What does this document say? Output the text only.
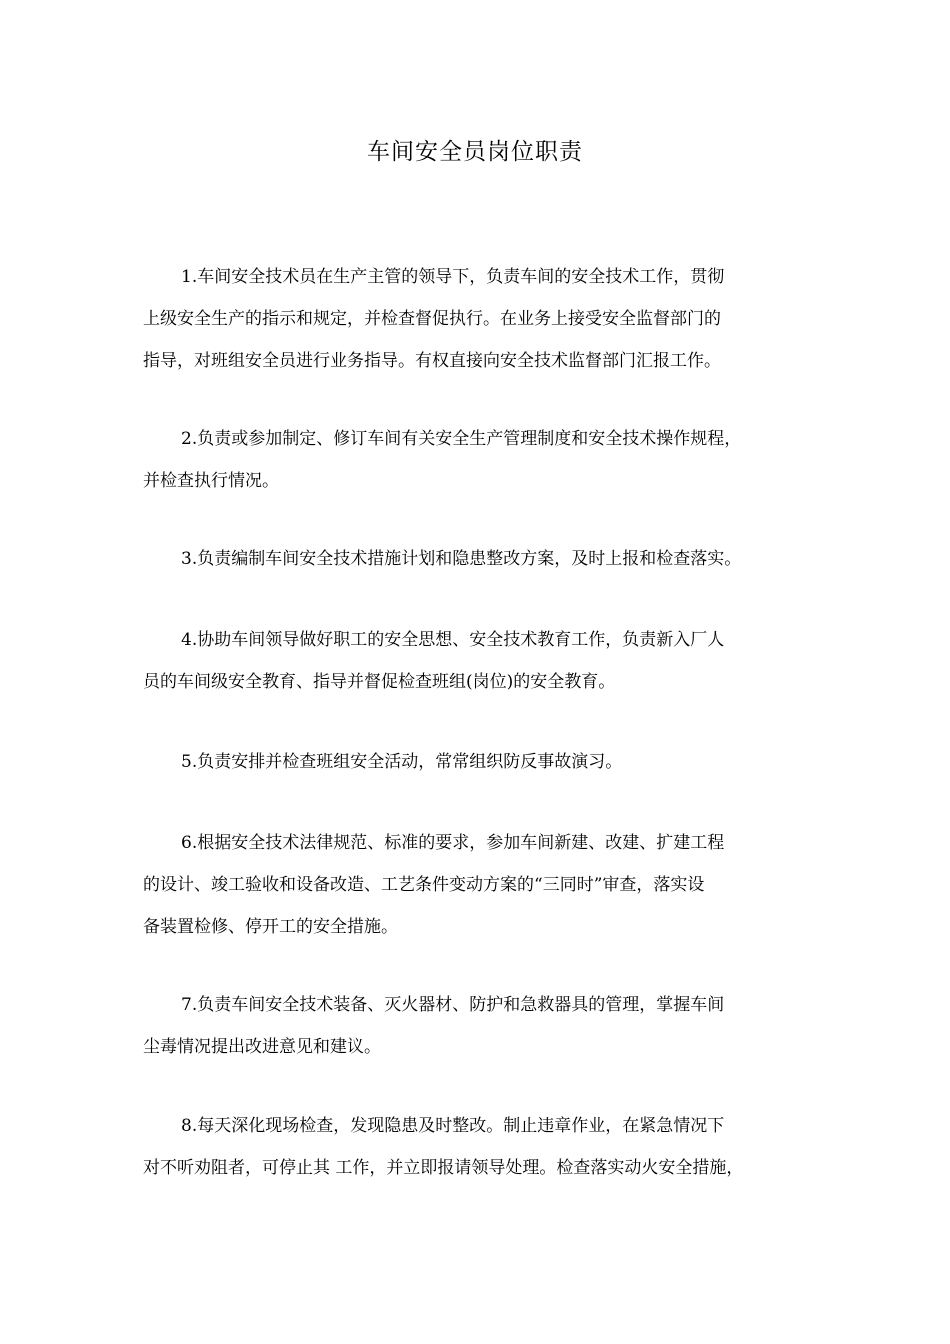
车间安全员岗位职责
1.车间安全技术员在生产主管的领导下，负责车间的安全技术工作，贯彻
上级安全生产的指示和规定，并检查督促执行。在业务上接受安全监督部门的
指导，对班组安全员进行业务指导。有权直接向安全技术监督部门汇报工作。
2.负责或参加制定、修订车间有关安全生产管理制度和安全技术操作规程，
并检查执行情况。
3.负责编制车间安全技术措施计划和隐患整改方案，及时上报和检查落实。
4.协助车间领导做好职工的安全思想、安全技术教育工作，负责新入厂人
员的车间级安全教育、指导并督促检查班组(岗位)的安全教育。
5.负责安排并检查班组安全活动，常常组织防反事故演习。
6.根据安全技术法律规范、标准的要求，参加车间新建、改建、扩建工程
的设计、竣工验收和设备改造、工艺条件变动方案的“三同时”审查，落实设
备装置检修、停开工的安全措施。
7.负责车间安全技术装备、灭火器材、防护和急救器具的管理，掌握车间
尘毒情况提出改进意见和建议。
8.每天深化现场检查，发现隐患及时整改。制止违章作业，在紧急情况下
对不听劝阻者，可停止其 工作，并立即报请领导处理。检查落实动火安全措施，
